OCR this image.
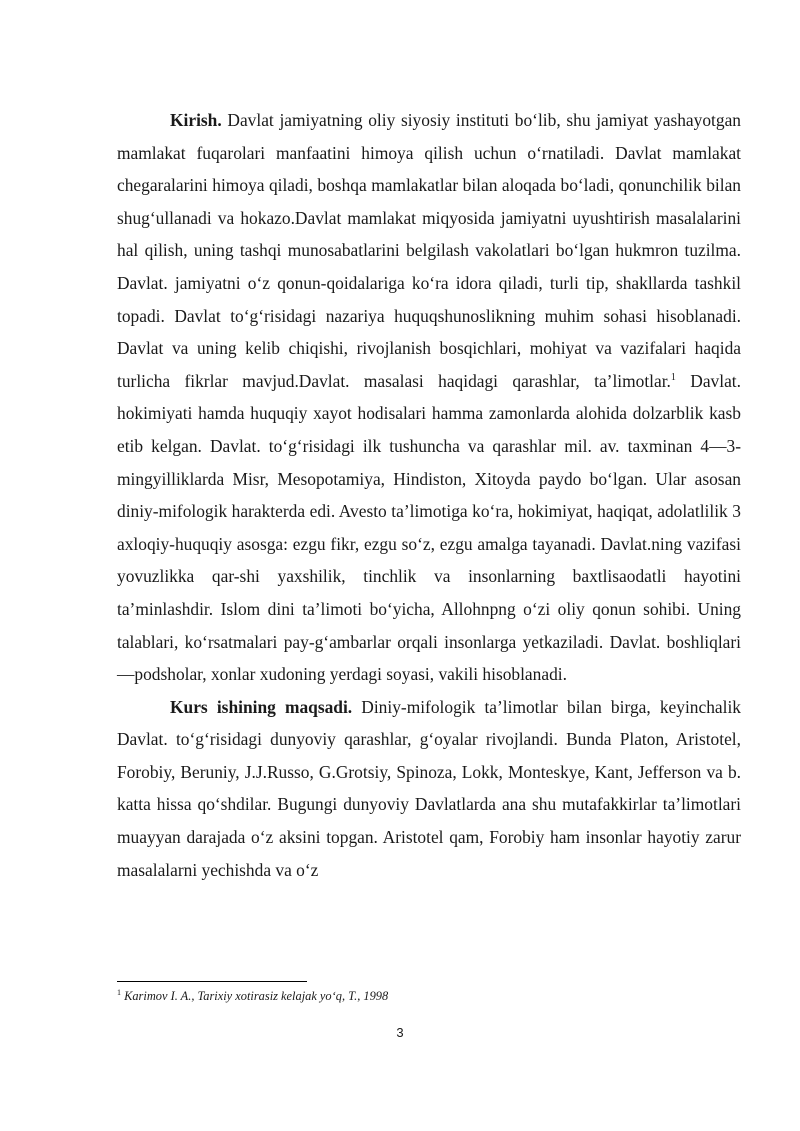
Kirish. Davlat jamiyatning oliy siyosiy instituti bo‘lib, shu jamiyat yashayotgan mamlakat fuqarolari manfaatini himoya qilish uchun o‘rnatiladi. Davlat mamlakat chegaralarini himoya qiladi, boshqa mamlakatlar bilan aloqada bo‘ladi, qonunchilik bilan shug‘ullanadi va hokazo.Davlat mamlakat miqyosida jamiyatni uyushtirish masalalarini hal qilish, uning tashqi munosabatlarini belgilash vakolatlari bo‘lgan hukmron tuzilma. Davlat. jamiyatni o‘z qonun-qoidalariga ko‘ra idora qiladi, turli tip, shakllarda tashkil topadi. Davlat to‘g‘risidagi nazariya huquqshunoslikning muhim sohasi hisoblanadi. Davlat va uning kelib chiqishi, rivojlanish bosqichlari, mohiyat va vazifalari haqida turlicha fikrlar mavjud.Davlat. masalasi haqidagi qarashlar, ta’limotlar.$^1$ Davlat. hokimiyati hamda huquqiy xayot hodisalari hamma zamonlarda alohida dolzarblik kasb etib kelgan. Davlat. to‘g‘risidagi ilk tushuncha va qarashlar mil. av. taxminan 4—3-mingyilliklarda Misr, Mesopotamiya, Hindiston, Xitoyda paydo bo‘lgan. Ular asosan diniy-mifologik harakterda edi. Avesto ta’limotiga ko‘ra, hokimiyat, haqiqat, adolatlilik 3 axloqiy-huquqiy asosga: ezgu fikr, ezgu so‘z, ezgu amalga tayanadi. Davlat.ning vazifasi yovuzlikka qar-shi yaxshilik, tinchlik va insonlarning baxtlisaodatli hayotini ta’minlashdir. Islom dini ta’limoti bo‘yicha, Allohnpng o‘zi oliy qonun sohibi. Uning talablari, ko‘rsatmalari pay-g‘ambarlar orqali insonlarga yetkaziladi. Davlat. boshliqlari—podsholar, xonlar xudoning yerdagi soyasi, vakili hisoblanadi.

Kurs ishining maqsadi. Diniy-mifologik ta’limotlar bilan birga, keyinchalik Davlat. to‘g‘risidagi dunyoviy qarashlar, g‘oyalar rivojlandi. Bunda Platon, Aristotel, Forobiy, Beruniy, J.J.Russo, G.Grotsiy, Spinoza, Lokk, Monteskye, Kant, Jefferson va b. katta hissa qo‘shdilar. Bugungi dunyoviy Davlatlarda ana shu mutafakkirlar ta’limotlari muayyan darajada o‘z aksini topgan. Aristotel qam, Forobiy ham insonlar hayotiy zarur masalalarni yechishda va o‘z

$^1$ Karimov I. A., Tarixiy xotirasiz kelajak yo‘q, T., 1998
3
